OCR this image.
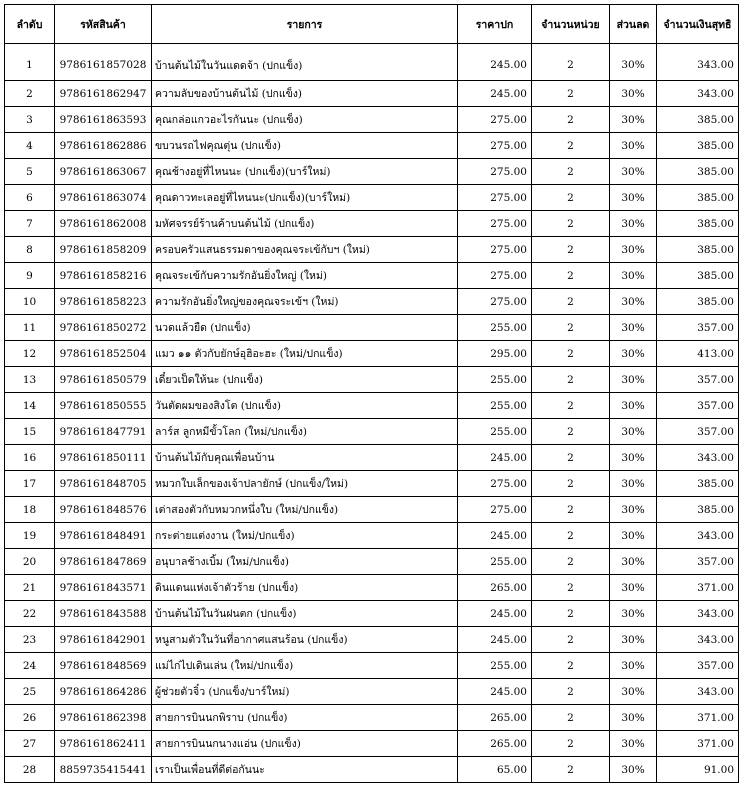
ลำดับ	รหัสสินค้า	รายการ	ราคาปก	จำนวนหน่วย	ส่วนลด	จำนวนเงินสุทธิ
1	9786161857028	บ้านต้นไม้ในวันแดดจ้า (ปกแข็ง)	245.00	2	30%	343.00
2	9786161862947	ความลับของบ้านต้นไม้ (ปกแข็ง)	245.00	2	30%	343.00
3	9786161863593	คุณกล่อแกวอะไรกันนะ (ปกแข็ง)	275.00	2	30%	385.00
4	9786161862886	ขบวนรถไฟคุณตุ่น (ปกแข็ง)	275.00	2	30%	385.00
5	9786161863067	คุณช้างอยู่ที่ไหนนะ (ปกแข็ง)(บาร์ใหม่)	275.00	2	30%	385.00
6	9786161863074	คุณดาวทะเลอยู่ที่ไหนนะ(ปกแข็ง)(บาร์ใหม่)	275.00	2	30%	385.00
7	9786161862008	มหัศจรรย์ร้านค้าบนต้นไม้ (ปกแข็ง)	275.00	2	30%	385.00
8	9786161858209	ครอบครัวแสนธรรมดาของคุณจระเข้กับฯ (ใหม่)	275.00	2	30%	385.00
9	9786161858216	คุณจระเข้กับความรักอันยิ่งใหญ่ (ใหม่)	275.00	2	30%	385.00
10	9786161858223	ความรักอันยิ่งใหญ่ของคุณจระเข้ฯ (ใหม่)	275.00	2	30%	385.00
11	9786161850272	นวดแล้วยืด (ปกแข็ง)	255.00	2	30%	357.00
12	9786161852504	แมว ๑๑ ตัวกับยักษ์อุฮิอะฮะ (ใหม่/ปกแข็ง)	295.00	2	30%	413.00
13	9786161850579	เดี๋ยวเป็ดให้นะ (ปกแข็ง)	255.00	2	30%	357.00
14	9786161850555	วันตัดผมของสิงโต (ปกแข็ง)	255.00	2	30%	357.00
15	9786161847791	ลาร์ส ลูกหมีขั้วโลก (ใหม่/ปกแข็ง)	255.00	2	30%	357.00
16	9786161850111	บ้านต้นไม้กับคุณเพื่อนบ้าน	245.00	2	30%	343.00
17	9786161848705	หมวกใบเล็กของเจ้าปลายักษ์ (ปกแข็ง/ใหม่)	275.00	2	30%	385.00
18	9786161848576	เต่าสองตัวกับหมวกหนึ่งใบ (ใหม่/ปกแข็ง)	275.00	2	30%	385.00
19	9786161848491	กระต่ายแต่งงาน (ใหม่/ปกแข็ง)	245.00	2	30%	343.00
20	9786161847869	อนุบาลช้างเบิ้ม (ใหม่/ปกแข็ง)	255.00	2	30%	357.00
21	9786161843571	ดินแดนแห่งเจ้าตัวร้าย (ปกแข็ง)	265.00	2	30%	371.00
22	9786161843588	บ้านต้นไม้ในวันฝนตก (ปกแข็ง)	245.00	2	30%	343.00
23	9786161842901	หนูสามตัวในวันที่อากาศแสนร้อน (ปกแข็ง)	245.00	2	30%	343.00
24	9786161848569	แม่ไก่ไปเดินเล่น (ใหม่/ปกแข็ง)	255.00	2	30%	357.00
25	9786161864286	ผู้ช่วยตัวจิ๋ว (ปกแข็ง/บาร์ใหม่)	245.00	2	30%	343.00
26	9786161862398	สายการบินนกพิราบ (ปกแข็ง)	265.00	2	30%	371.00
27	9786161862411	สายการบินนกนางแอ่น (ปกแข็ง)	265.00	2	30%	371.00
28	8859735415441	เราเป็นเพื่อนที่ดีต่อกันนะ	65.00	2	30%	91.00
